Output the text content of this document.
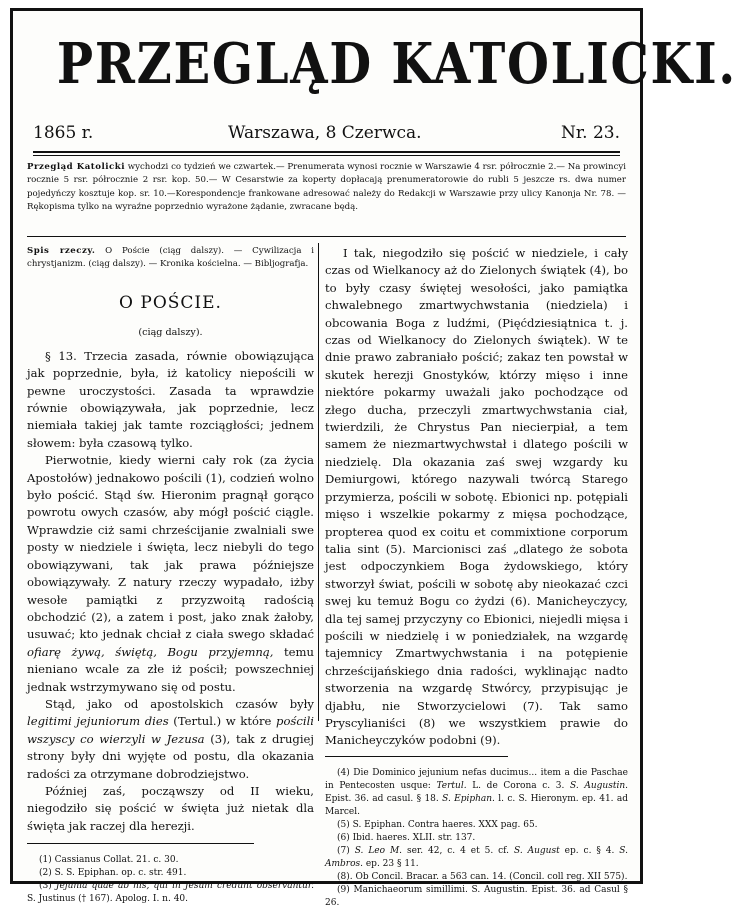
PRZEGLĄD KATOLICKI.
1865 r.	Warszawa, 8 Czerwca.	Nr. 23.
Przegląd Katolicki wychodzi co tydzień we czwartek.— Prenumerata wynosi rocznie w Warszawie 4 rsr. półrocznie 2.— Na prowincyi rocznie 5 rsr. półrocznie 2 rsr. kop. 50.— W Cesarstwie za koperty dopłacają prenumeratorowie do rubli 5 jeszcze rs. dwa numer pojedyńczy kosztuje kop. sr. 10.—Korespondencje frankowane adresować należy do Redakcji w Warszawie przy ulicy Kanonja Nr. 78. —Rękopisma tylko na wyraźne poprzednio wyrażone żądanie, zwracane będą.
Spis rzeczy. O Poście (ciąg dalszy). — Cywilizacja i chrystjanizm. (ciąg dalszy). — Kronika kościelna. — Bibljografja.
O POŚCIE.
(ciąg dalszy).

§ 13. Trzecia zasada, równie obowiązująca jak poprzednie, była, iż katolicy niepościli w pewne uroczystości. Zasada ta wprawdzie równie obowiązywała, jak poprzednie, lecz niemiała takiej jak tamte rozciągłości; jednem słowem: była czasową tylko.

Pierwotnie, kiedy wierni cały rok (za życia Apostołów) jednakowo pościli (1), codzień wolno było pościć. Stąd św. Hieronim pragnął gorąco powrotu owych czasów, aby mógł pościć ciągle. Wprawdzie ciż sami chrześcijanie zwalniali swe posty w niedziele i święta, lecz niebyli do tego obowiązywani, tak jak prawa późniejsze obowiązywały. Z natury rzeczy wypadało, iżby wesołe pamiątki z przyzwoitą radością obchodzić (2), a zatem i post, jako znak żałoby, usuwać; kto jednak chciał z ciała swego składać ofiarę żywą, świętą, Bogu przyjemną, temu nieniano wcale za złe iż pościł; powszechniej jednak wstrzymywano się od postu.

Stąd, jako od apostolskich czasów były legitimi jejuniorum dies (Tertul.) w które pościli wszyscy co wierzyli w Jezusa (3), tak z drugiej strony były dni wyjęte od postu, dla okazania radości za otrzymane dobrodziejstwo.

Później zaś, począwszy od II wieku, niegodziło się pościć w święta już nietak dla święta jak raczej dla herezji.

(1) Cassianus Collat. 21. c. 30.

(2) S. S. Epiphan. op. c. str. 491.

(3) Jejunia quae ab his, qui in Jesum credunt observantur. S. Justinus († 167). Apolog. I. n. 40.

I tak, niegodziło się pościć w niedziele, i cały czas od Wielkanocy aż do Zielonych świątek (4), bo to były czasy świętej wesołości, jako pamiątka chwalebnego zmartwychwstania (niedziela) i obcowania Boga z ludźmi, (Pięćdziesiątnica t. j. czas od Wielkanocy do Zielonych świątek). W te dnie prawo zabraniało pościć; zakaz ten powstał w skutek herezji Gnostyków, którzy mięso i inne niektóre pokarmy uważali jako pochodzące od złego ducha, przeczyli zmartwychwstania ciał, twierdzili, że Chrystus Pan niecierpiał, a tem samem że niezmartwychwstał i dlatego pościli w niedzielę. Dla okazania zaś swej wzgardy ku Demiurgowi, którego nazywali twórcą Starego przymierza, pościli w sobotę. Ebionici np. potępiali mięso i wszelkie pokarmy z mięsa pochodzące, propterea quod ex coitu et commixtione corporum talia sint (5). Marcionisci zaś „dlatego że sobota jest odpoczynkiem Boga żydowskiego, który stworzył świat, pościli w sobotę aby nieokazać czci swej ku temuż Bogu co żydzi (6). Manicheyczycy, dla tej samej przyczyny co Ebionici, niejedli mięsa i pościli w niedzielę i w poniedziałek, na wzgardę tajemnicy Zmartwychwstania i na potępienie chrześcijańskiego dnia radości, wyklinając nadto stworzenia na wzgardę Stwórcy, przypisując je djabłu, nie Stworzycielowi (7). Tak samo Pryscylianiści (8) we wszystkiem prawie do Manicheyczyków podobni (9).

(4) Die Dominico jejunium nefas ducimus... item a die Paschae in Pentecosten usque: Tertul. L. de Corona c. 3. S. Augustin. Epist. 36. ad casul. § 18. S. Epiphan. l. c. S. Hieronym. ep. 41. ad Marcel.

(5) S. Epiphan. Contra haeres. XXX pag. 65.

(6) Ibid. haeres. XLII. str. 137.

(7) S. Leo M. ser. 42, c. 4 et 5. cf. S. August ep. c. § 4. S. Ambros. ep. 23 § 11.

(8). Ob Concil. Bracar. a 563 can. 14. (Concil. coll reg. XII 575).

(9) Manichaeorum simillimi. S. Augustin. Epist. 36. ad Casul § 26.
